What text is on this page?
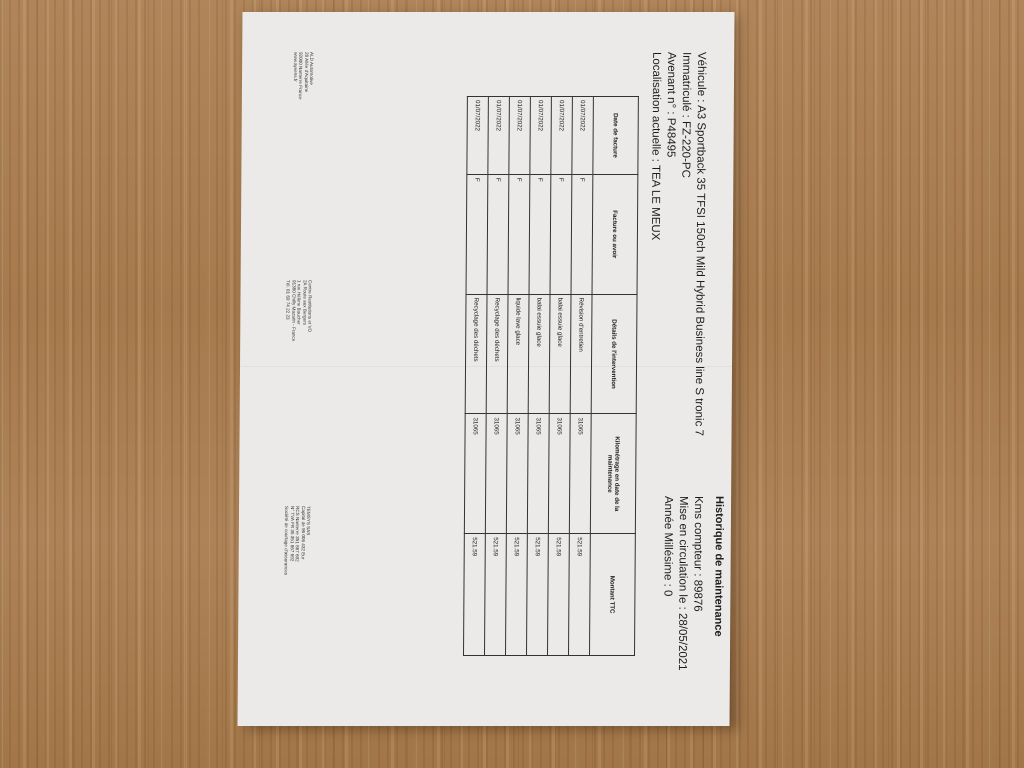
Historique de maintenance
Véhicule : A3 Sportback 35 TFSI 150ch Mild Hybrid Business line S tronic 7
Immatriculé : FZ-220-PC
Avenant n° : P48495
Localisation actuelle : TEA LE MEUX
Kms compteur : 89876
Mise en circulation le : 28/05/2021
Année Millésime : 0
Date de facture	Facture ou avoir	Détails de l'intervention	Kilométrage en date de la maintenance	Montant TTC
01/07/2022	F	Révision d'entretien	31065	521.59
01/07/2022	F	balai essuie glace	31065	521.59
01/07/2022	F	balai essuie glace	31065	521.59
01/07/2022	F	liquide lave glace	31065	521.59
01/07/2022	F	Recyclage des déchets	31065	521.59
01/07/2022	F	Recyclage des déchets	31065	521.59
ALD Automotive
28 Allée d'Aquitaine
92000 Nanterre France
www.ayvens.fr
Centre Restitutions et VO
2A Route aux Bergers
1 rue Hélène Boucher
91380 Chilly Mazarin - France
Tél. 01 69 74 22 23
TEMSYS SAS
Capital de 96 006 432 Eur
RCS Nanterre 351 867 692
N° TVA FR 35 351 867 692
Société de courtage d'assurances
